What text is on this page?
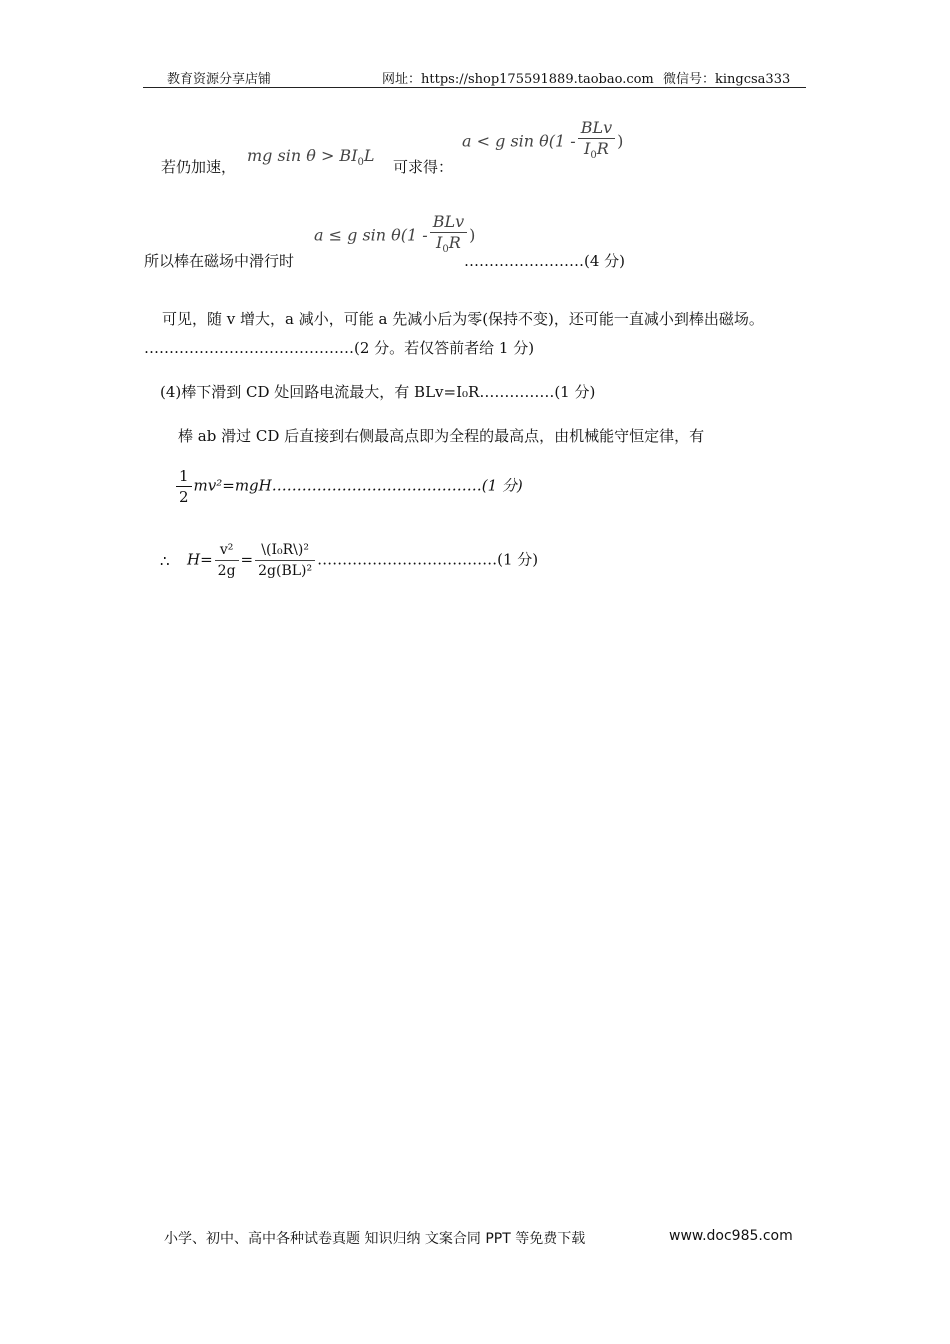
教育资源分享店铺	网址：https://shop175591889.taobao.com 微信号：kingcsa333
若仍加速，
mg $\sin \theta > BI_0L$
可求得：
a < g $\sin \theta(1 - \frac{\text{BLv}}{I_0R}$ )
所以棒在磁场中滑行时
a ≤ g $\sin \theta(1 - \frac{\text{BLv}}{I_0R}$ )
……………………(4 分)
可见，随 v 增大，a 减小，可能 a 先减小后为零(保持不变)，还可能一直减小到棒出磁场。
……………………………………(2 分。若仅答前者给 1 分)
(4)棒下滑到 CD 处回路电流最大，有 BLv=I₀R……………(1 分)
棒 ab 滑过 CD 后直接到右侧最高点即为全程的最高点，由机械能守恒定律，有
$\frac{1}{2}$ mv²=mgH……………………………………(1 分)
∴ $H= \frac{\text{v²}}{2g} = \frac{\text{\textbackslash{}(I₀R\textbackslash{})²}}{\text{2g(BL)²}}$ ………………………………(1 分)
小学、初中、高中各种试卷真题 知识归纳 文案合同 PPT 等免费下载	www.doc985.com
